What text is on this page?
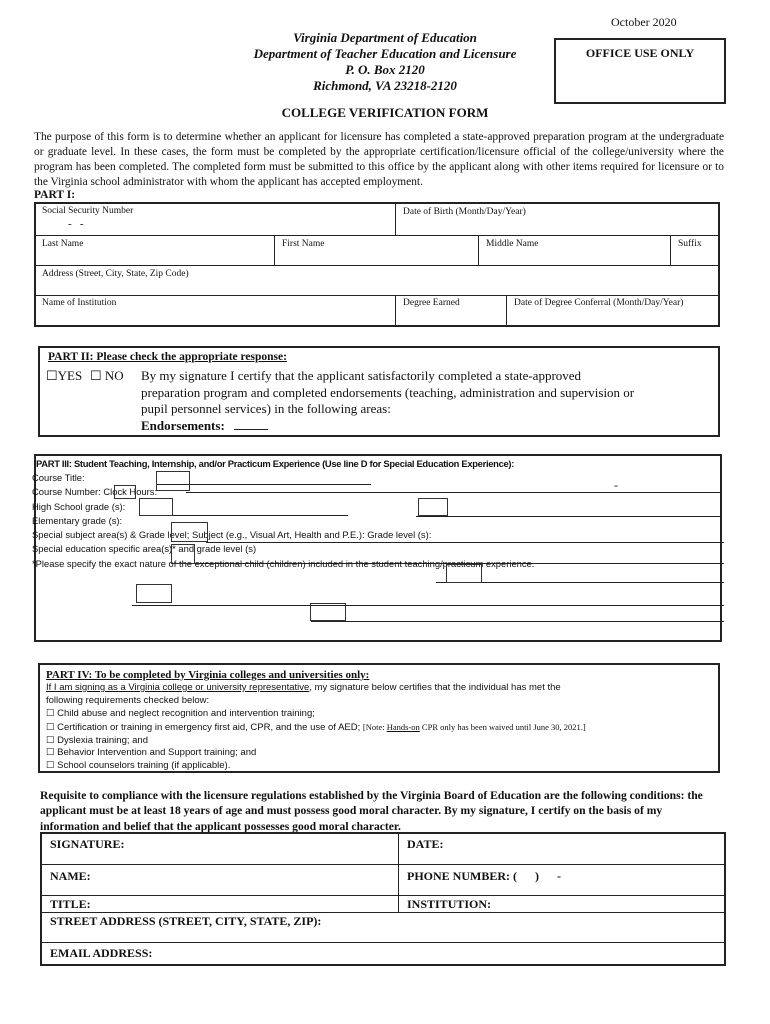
October 2020
Virginia Department of Education
Department of Teacher Education and Licensure
P. O. Box 2120
Richmond, VA 23218-2120
OFFICE USE ONLY
COLLEGE VERIFICATION FORM
The purpose of this form is to determine whether an applicant for licensure has completed a state-approved preparation program at the undergraduate or graduate level. In these cases, the form must be completed by the appropriate certification/licensure official of the college/university where the program has been completed. The completed form must be submitted to this office by the applicant along with other items required for licensure or to the Virginia school administrator with whom the applicant has accepted employment.
PART I:
Social Security Number
-   -
Date of Birth (Month/Day/Year)
Last Name	First Name	Middle Name	Suffix
Address (Street, City, State, Zip Code)
Name of Institution	Degree Earned	Date of Degree Conferral (Month/Day/Year)
PART II: Please check the appropriate response:
☐YES ☐ NO By my signature I certify that the applicant satisfactorily completed a state-approved
preparation program and completed endorsements (teaching, administration and supervision or
pupil personnel services) in the following areas:
Endorsements:
PART III: Student Teaching, Internship, and/or Practicum Experience (Use line D for Special Education Experience):
Course Title:
Course Number: Clock Hours:
High School grade (s):
Elementary grade (s):
Special subject area(s) & Grade level; Subject (e.g., Visual Art, Health and P.E.): Grade level (s):
Special education specific area(s)* and grade level (s)
*Please specify the exact nature of the exceptional child (children) included in the student teaching/practicum experience.
-
PART IV: To be completed by Virginia colleges and universities only:
If I am signing as a Virginia college or university representative, my signature below certifies that the individual has met the
following requirements checked below:
☐ Child abuse and neglect recognition and intervention training;
☐ Certification or training in emergency first aid, CPR, and the use of AED; [Note: Hands-on CPR only has been waived until June 30, 2021.]
☐ Dyslexia training; and
☐ Behavior Intervention and Support training; and
☐ School counselors training (if applicable).
Requisite to compliance with the licensure regulations established by the Virginia Board of Education are the following conditions: the applicant must be at least 18 years of age and must possess good moral character. By my signature, I certify on the basis of my information and belief that the applicant possesses good moral character.
SIGNATURE:	DATE:
NAME:	PHONE NUMBER: (      )      -
TITLE:	INSTITUTION:
STREET ADDRESS (STREET, CITY, STATE, ZIP):
EMAIL ADDRESS:
